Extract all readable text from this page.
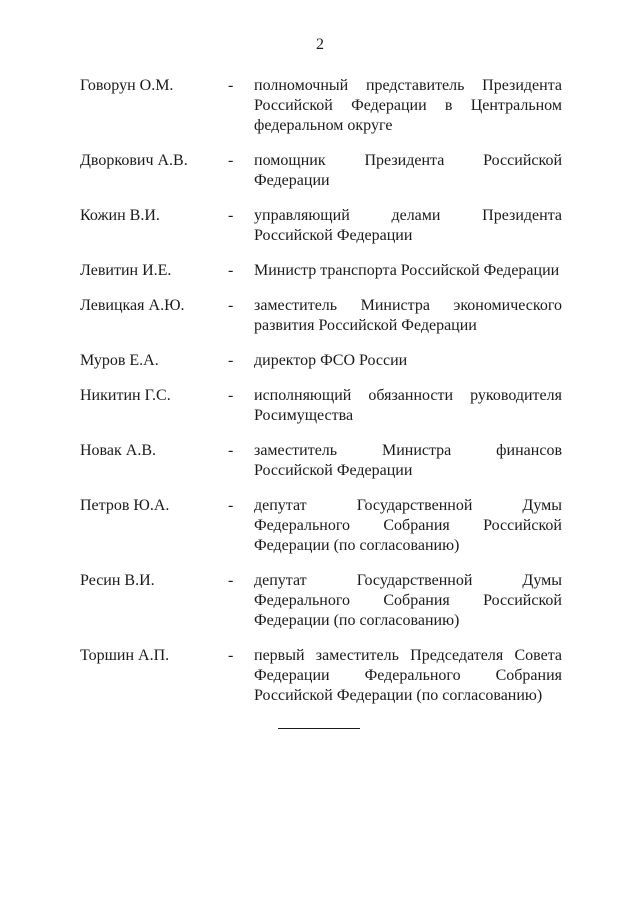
2
Говорун О.М.	-	полномочный представитель Президента Российской Федерации в Центральном федеральном округе
Дворкович А.В.	-	помощник Президента Российской Федерации
Кожин В.И.	-	управляющий делами Президента Российской Федерации
Левитин И.Е.	-	Министр транспорта Российской Федерации
Левицкая А.Ю.	-	заместитель Министра экономического развития Российской Федерации
Муров Е.А.	-	директор ФСО России
Никитин Г.С.	-	исполняющий обязанности руководителя Росимущества
Новак А.В.	-	заместитель Министра финансов Российской Федерации
Петров Ю.А.	-	депутат Государственной Думы Федерального Собрания Российской Федерации (по согласованию)
Ресин В.И.	-	депутат Государственной Думы Федерального Собрания Российской Федерации (по согласованию)
Торшин А.П.	-	первый заместитель Председателя Совета Федерации Федерального Собрания Российской Федерации (по согласованию)
